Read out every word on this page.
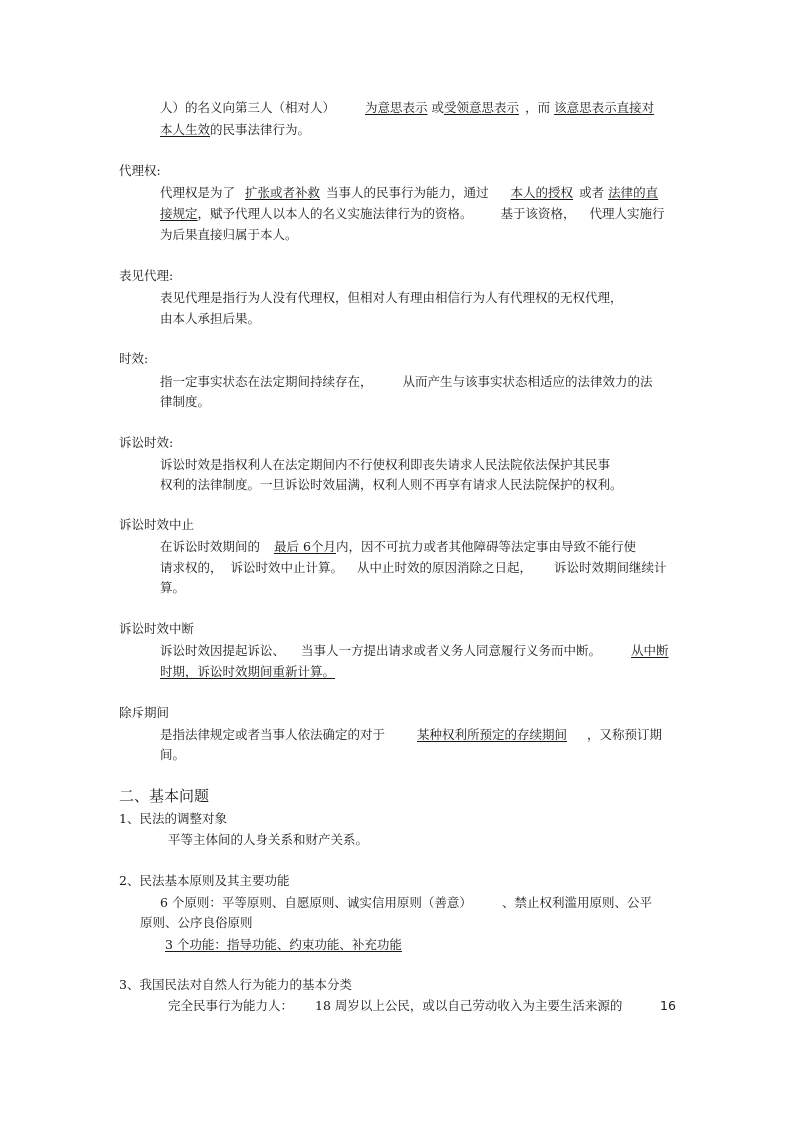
人）的名义向第三人（相对人） 为意思表示 或受领意思表示 ，而 该意思表示直接对
本人生效的民事法律行为。
代理权:
代理权是为了 扩张或者补救 当事人的民事行为能力，通过 本人的授权 或者 法律的直
接规定，赋予代理人以本人的名义实施法律行为的资格。 基于该资格， 代理人实施行
为后果直接归属于本人。
表见代理:
表见代理是指行为人没有代理权，但相对人有理由相信行为人有代理权的无权代理，
由本人承担后果。
时效:
指一定事实状态在法定期间持续存在， 从而产生与该事实状态相适应的法律效力的法
律制度。
诉讼时效:
诉讼时效是指权利人在法定期间内不行使权利即丧失请求人民法院依法保护其民事
权利的法律制度。一旦诉讼时效届满，权利人则不再享有请求人民法院保护的权利。
诉讼时效中止
在诉讼时效期间的 最后 6个月内，因不可抗力或者其他障碍等法定事由导致不能行使
请求权的， 诉讼时效中止计算。 从中止时效的原因消除之日起， 诉讼时效期间继续计
算。
诉讼时效中断
诉讼时效因提起诉讼、 当事人一方提出请求或者义务人同意履行义务而中断。 从中断
时期，诉讼时效期间重新计算。
除斥期间
是指法律规定或者当事人依法确定的对于	某种权利所预定的存续期间 ，又称预订期
间。
二、基本问题
1、民法的调整对象
平等主体间的人身关系和财产关系。
2、民法基本原则及其主要功能
6 个原则：平等原则、自愿原则、诚实信用原则（善意） 、禁止权利滥用原则、公平
原则、公序良俗原则
3 个功能：指导功能、约束功能、补充功能
3、我国民法对自然人行为能力的基本分类
完全民事行为能力人： 18 周岁以上公民，或以自己劳动收入为主要生活来源的	16
